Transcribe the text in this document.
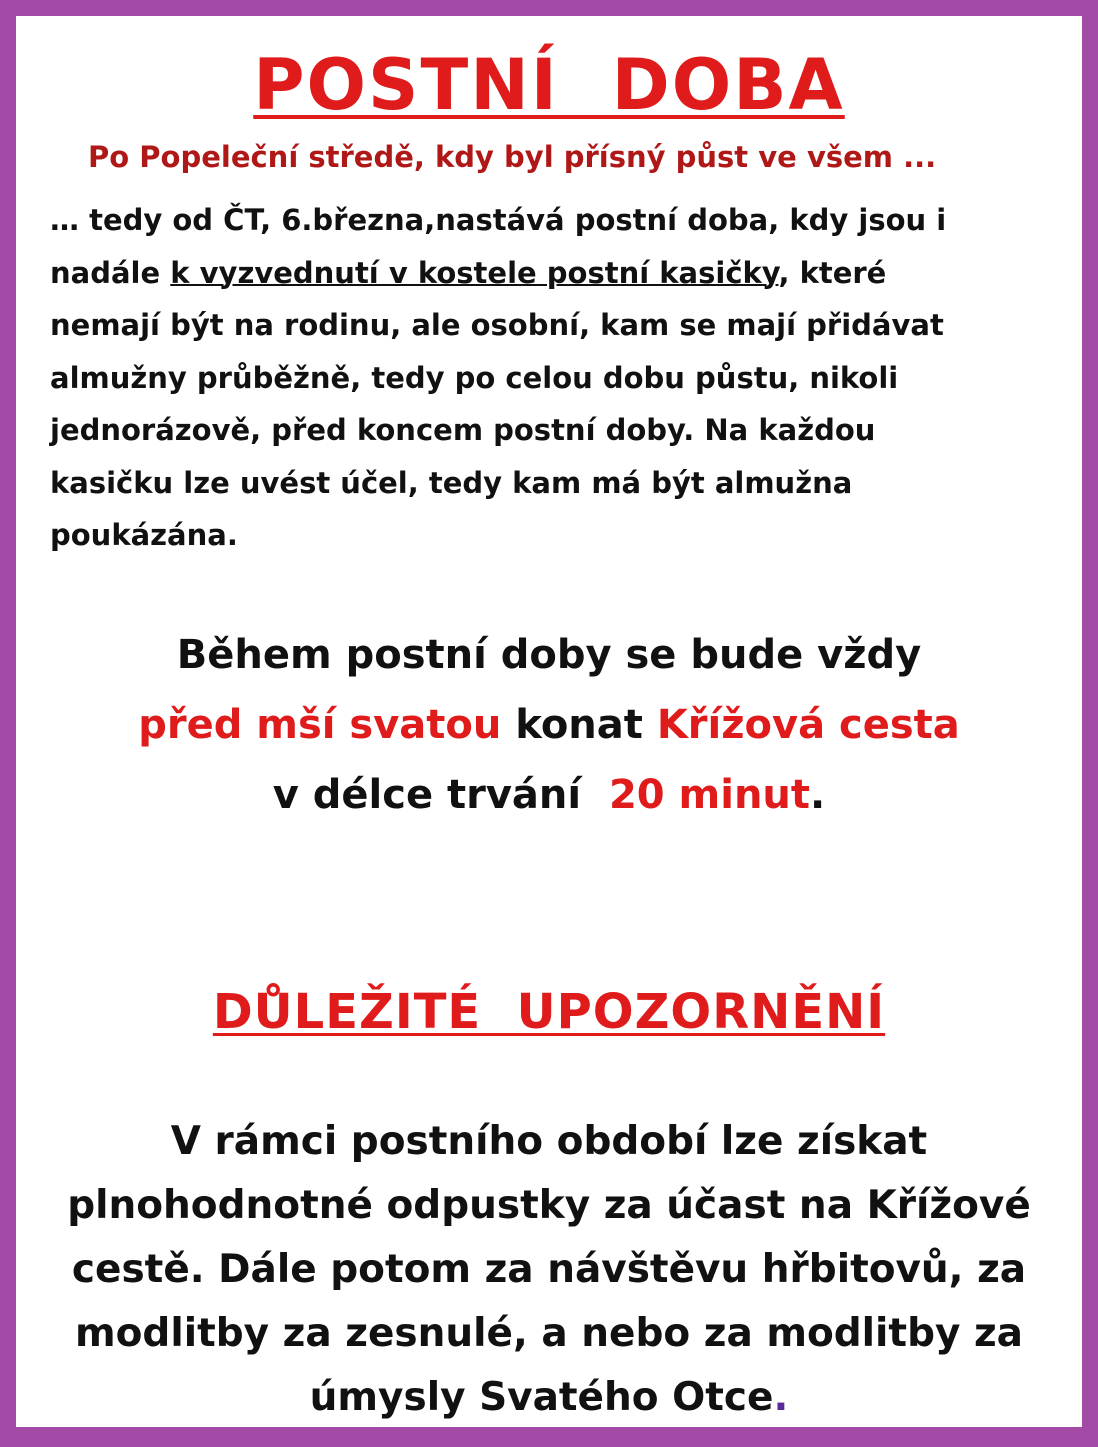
POSTNÍ  DOBA
Po Popeleční středě, kdy byl přísný půst ve všem ...
… tedy od ČT, 6.března,nastává postní doba, kdy jsou i
nadále k vyzvednutí v kostele postní kasičky, které
nemají být na rodinu, ale osobní, kam se mají přidávat
almužny průběžně, tedy po celou dobu půstu, nikoli
jednorázově, před koncem postní doby. Na každou
kasičku lze uvést účel, tedy kam má být almužna
poukázána.
Během postní doby se bude vždy
před mší svatou konat Křížová cesta
v délce trvání  20 minut.
DŮLEŽITÉ  UPOZORNĚNÍ
V rámci postního období lze získat
plnohodnotné odpustky za účast na Křížové
cestě. Dále potom za návštěvu hřbitovů, za
modlitby za zesnulé, a nebo za modlitby za
úmysly Svatého Otce.
